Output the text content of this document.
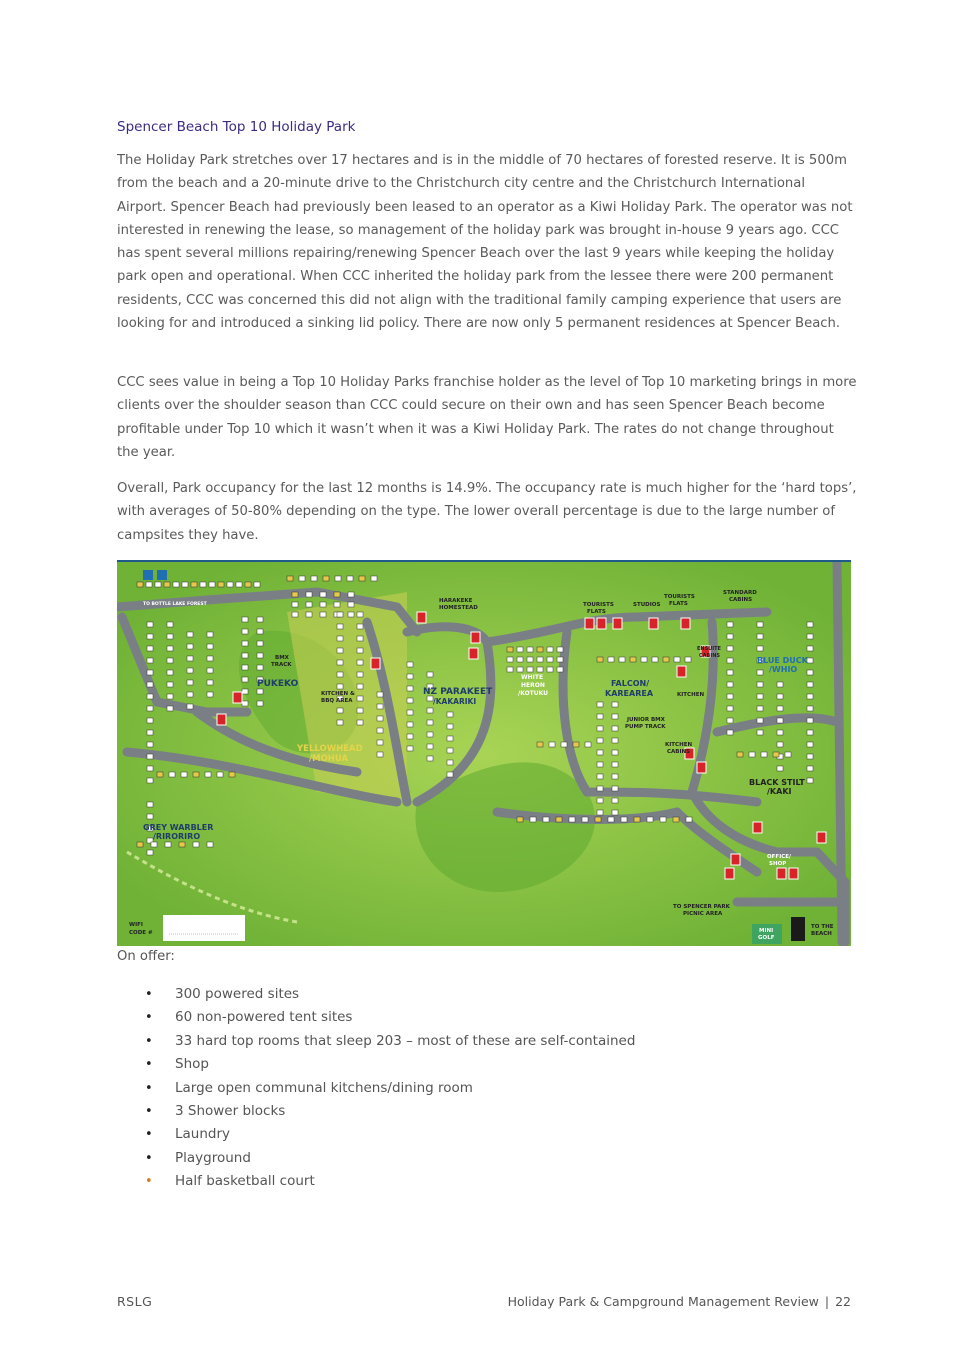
Spencer Beach Top 10 Holiday Park

The Holiday Park stretches over 17 hectares and is in the middle of 70 hectares of forested reserve. It is 500m from the beach and a 20-minute drive to the Christchurch city centre and the Christchurch International Airport. Spencer Beach had previously been leased to an operator as a Kiwi Holiday Park. The operator was not interested in renewing the lease, so management of the holiday park was brought in-house 9 years ago. CCC has spent several millions repairing/renewing Spencer Beach over the last 9 years while keeping the holiday park open and operational. When CCC inherited the holiday park from the lessee there were 200 permanent residents, CCC was concerned this did not align with the traditional family camping experience that users are looking for and introduced a sinking lid policy. There are now only 5 permanent residences at Spencer Beach.

CCC sees value in being a Top 10 Holiday Parks franchise holder as the level of Top 10 marketing brings in more clients over the shoulder season than CCC could secure on their own and has seen Spencer Beach become profitable under Top 10 which it wasn’t when it was a Kiwi Holiday Park. The rates do not change throughout the year.

Overall, Park occupancy for the last 12 months is 14.9%. The occupancy rate is much higher for the ‘hard tops’, with averages of 50-80% depending on the type. The lower overall percentage is due to the large number of campsites they have.

TO BOTTLE LAKE FOREST
HARAKEKE
HOMESTEAD	TOURISTS
FLATS
STUDIOS
TOURISTS
FLATS
STANDARD
CABINS
BMX
TRACK
PUKEKO
KITCHEN &
BBQ AREA
NZ PARAKEET
/KAKARIKI
WHITE
HERON
/KOTUKU
FALCON/
KAREAREA	KITCHEN
ENSUITE
CABINS	BLUE DUCK
/WHIO
JUNIOR BMX
PUMP TRACK
KITCHEN
CABINS
YELLOWHEAD
/MOHUA
BLACK STILT
/KAKI
GREY WARBLER
/RIRORIRO
OFFICE/
SHOP
TO SPENCER PARK
PICNIC AREA
TO THE
BEACH
MINI
GOLF
WIFI
CODE #
On offer:
• 300 powered sites
• 60 non-powered tent sites
• 33 hard top rooms that sleep 203 – most of these are self-contained
• Shop
• Large open communal kitchens/dining room
• 3 Shower blocks
• Laundry
• Playground
• Half basketball court
RSLG	Holiday Park & Campground Management Review | 22
